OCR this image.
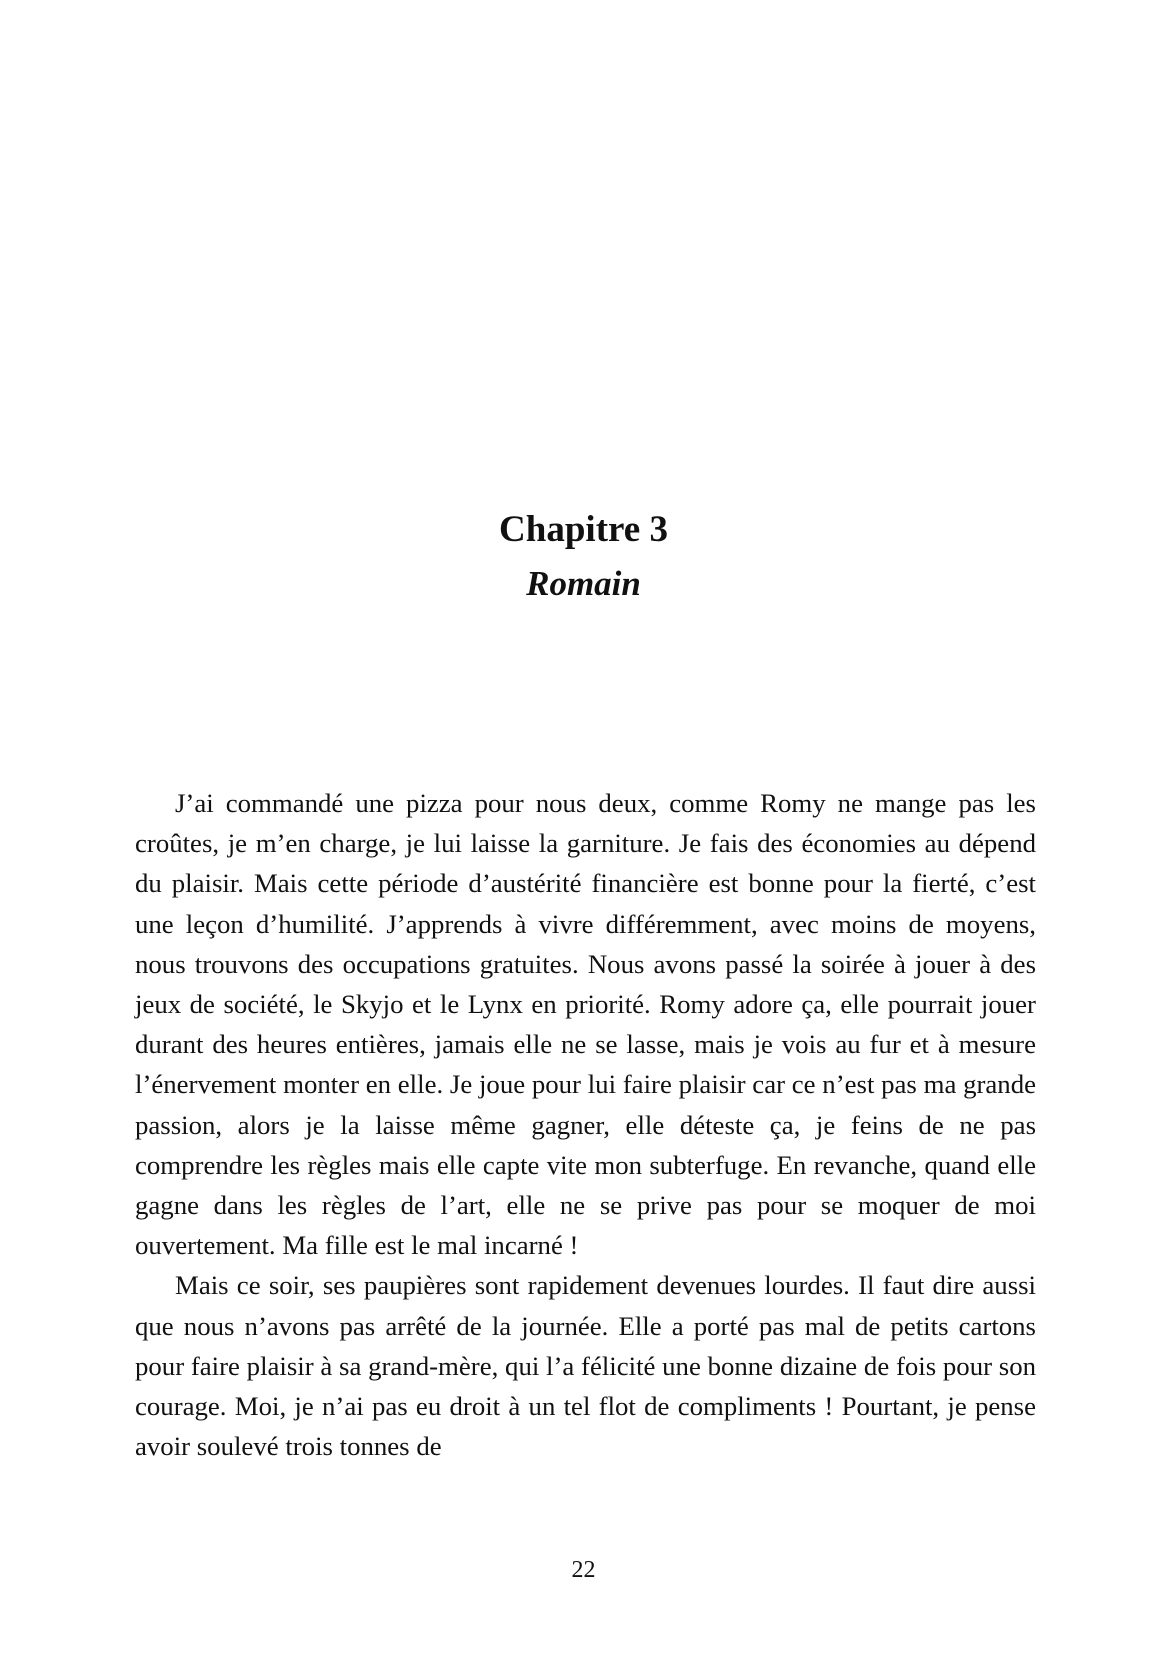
Chapitre 3
Romain

J’ai commandé une pizza pour nous deux, comme Romy ne mange pas les croûtes, je m’en charge, je lui laisse la garniture. Je fais des économies au dépend du plaisir. Mais cette période d’austérité financière est bonne pour la fierté, c’est une leçon d’humilité. J’apprends à vivre différemment, avec moins de moyens, nous trouvons des occupations gratuites. Nous avons passé la soirée à jouer à des jeux de société, le Skyjo et le Lynx en priorité. Romy adore ça, elle pourrait jouer durant des heures entières, jamais elle ne se lasse, mais je vois au fur et à mesure l’énervement monter en elle. Je joue pour lui faire plaisir car ce n’est pas ma grande passion, alors je la laisse même gagner, elle déteste ça, je feins de ne pas comprendre les règles mais elle capte vite mon subterfuge. En revanche, quand elle gagne dans les règles de l’art, elle ne se prive pas pour se moquer de moi ouvertement. Ma fille est le mal incarné !

Mais ce soir, ses paupières sont rapidement devenues lourdes. Il faut dire aussi que nous n’avons pas arrêté de la journée. Elle a porté pas mal de petits cartons pour faire plaisir à sa grand-mère, qui l’a félicité une bonne dizaine de fois pour son courage. Moi, je n’ai pas eu droit à un tel flot de compliments ! Pourtant, je pense avoir soulevé trois tonnes de

22
